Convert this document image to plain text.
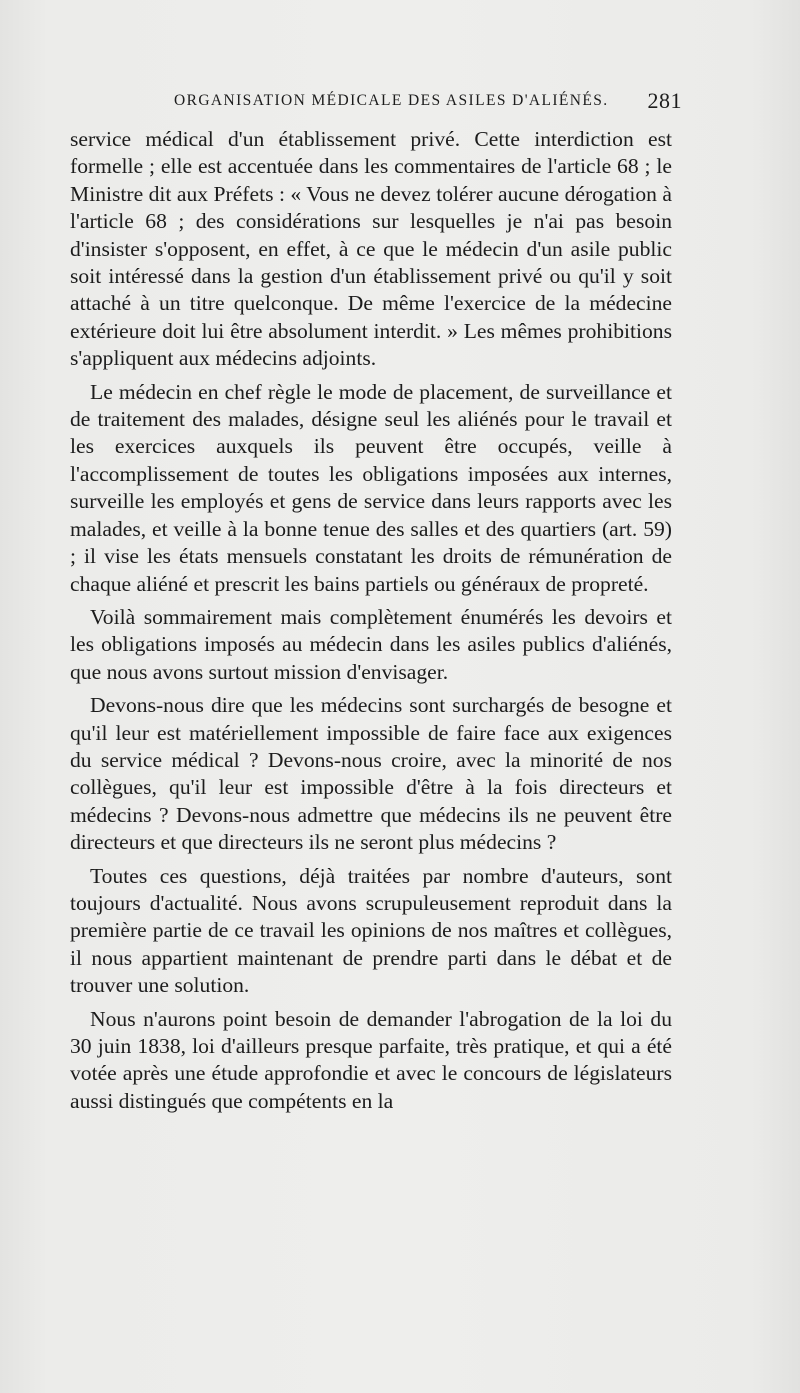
ORGANISATION MÉDICALE DES ASILES D'ALIÉNÉS. 281

service médical d'un établissement privé. Cette interdiction est formelle ; elle est accentuée dans les commentaires de l'article 68 ; le Ministre dit aux Préfets : « Vous ne devez tolérer aucune dérogation à l'article 68 ; des considérations sur lesquelles je n'ai pas besoin d'insister s'opposent, en effet, à ce que le médecin d'un asile public soit intéressé dans la gestion d'un établissement privé ou qu'il y soit attaché à un titre quelconque. De même l'exercice de la médecine extérieure doit lui être absolument interdit. » Les mêmes prohibitions s'appliquent aux médecins adjoints.

Le médecin en chef règle le mode de placement, de surveillance et de traitement des malades, désigne seul les aliénés pour le travail et les exercices auxquels ils peuvent être occupés, veille à l'accomplissement de toutes les obligations imposées aux internes, surveille les employés et gens de service dans leurs rapports avec les malades, et veille à la bonne tenue des salles et des quartiers (art. 59) ; il vise les états mensuels constatant les droits de rémunération de chaque aliéné et prescrit les bains partiels ou généraux de propreté.

Voilà sommairement mais complètement énumérés les devoirs et les obligations imposés au médecin dans les asiles publics d'aliénés, que nous avons surtout mission d'envisager.

Devons-nous dire que les médecins sont surchargés de besogne et qu'il leur est matériellement impossible de faire face aux exigences du service médical ? Devons-nous croire, avec la minorité de nos collègues, qu'il leur est impossible d'être à la fois directeurs et médecins ? Devons-nous admettre que médecins ils ne peuvent être directeurs et que directeurs ils ne seront plus médecins ?

Toutes ces questions, déjà traitées par nombre d'auteurs, sont toujours d'actualité. Nous avons scrupuleusement reproduit dans la première partie de ce travail les opinions de nos maîtres et collègues, il nous appartient maintenant de prendre parti dans le débat et de trouver une solution.

Nous n'aurons point besoin de demander l'abrogation de la loi du 30 juin 1838, loi d'ailleurs presque parfaite, très pratique, et qui a été votée après une étude approfondie et avec le concours de législateurs aussi distingués que compétents en la
